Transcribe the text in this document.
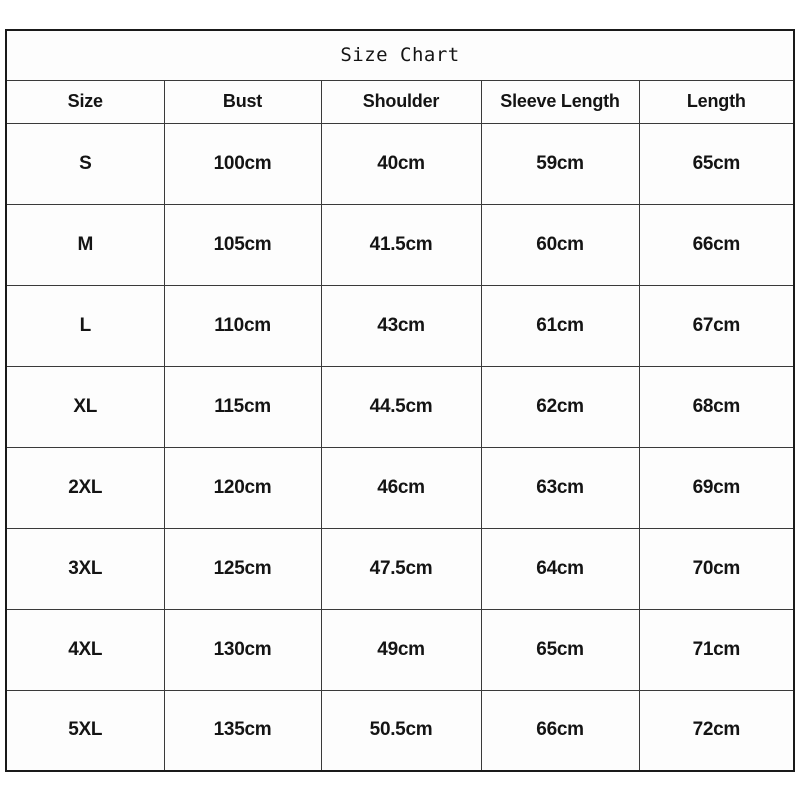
Size Chart				
Size	Bust	Shoulder	Sleeve Length	Length
S	100cm	40cm	59cm	65cm
M	105cm	41.5cm	60cm	66cm
L	110cm	43cm	61cm	67cm
XL	115cm	44.5cm	62cm	68cm
2XL	120cm	46cm	63cm	69cm
3XL	125cm	47.5cm	64cm	70cm
4XL	130cm	49cm	65cm	71cm
5XL	135cm	50.5cm	66cm	72cm
